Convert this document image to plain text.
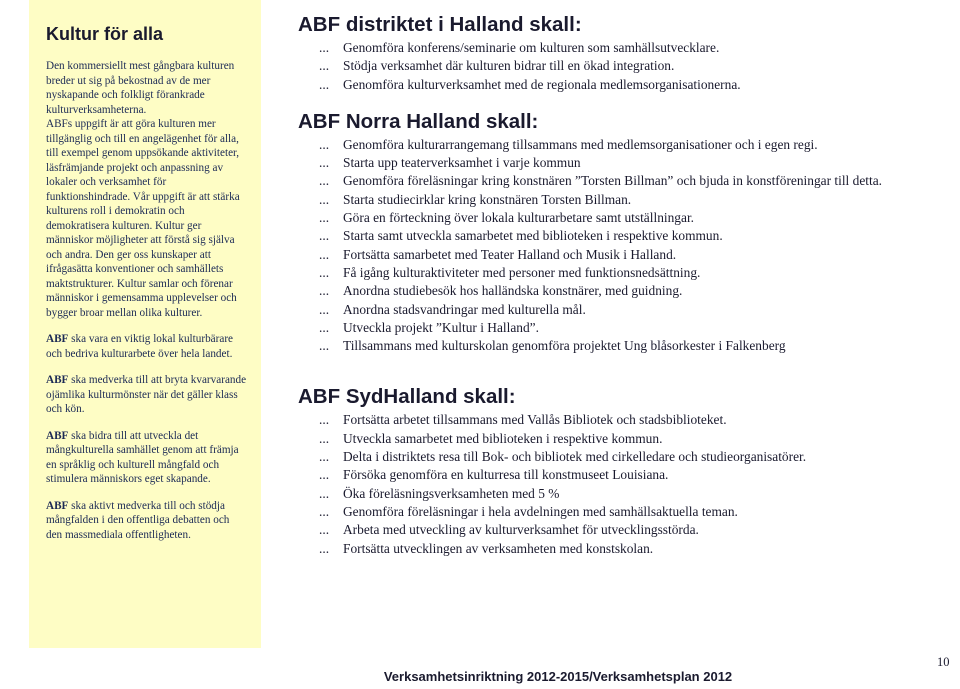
Kultur för alla

Den kommersiellt mest gångbara kulturen breder ut sig på bekostnad av de mer nyskapande och folkligt förankrade kulturverksamheterna.

ABFs uppgift är att göra kulturen mer tillgänglig och till en angelägenhet för alla, till exempel genom uppsökande aktiviteter, läsfrämjande projekt och anpassning av lokaler och verksamhet för funktionshindrade. Vår uppgift är att stärka kulturens roll i demokratin och demokratisera kulturen. Kultur ger människor möjligheter att förstå sig själva och andra. Den ger oss kunskaper att ifrågasätta konventioner och samhällets maktstrukturer. Kultur samlar och förenar människor i gemensamma upplevelser och bygger broar mellan olika kulturer.

ABF ska vara en viktig lokal kulturbärare och bedriva kulturarbete över hela landet.

ABF ska medverka till att bryta kvarvarande ojämlika kulturmönster när det gäller klass och kön.

ABF ska bidra till att utveckla det mångkulturella samhället genom att främja en språklig och kulturell mångfald och stimulera människors eget skapande.

ABF ska aktivt medverka till och stödja mångfalden i den offentliga debatten och den massmediala offentligheten.

ABF distriktet i Halland skall:
... Genomföra konferens/seminarie om kulturen som samhällsutvecklare.
... Stödja verksamhet där kulturen bidrar till en ökad integration.
... Genomföra kulturverksamhet med de regionala medlemsorganisationerna.
ABF Norra Halland skall:
... Genomföra kulturarrangemang tillsammans med medlemsorganisationer och i egen regi.
... Starta upp teaterverksamhet i varje kommun
... Genomföra föreläsningar kring konstnären ”Torsten Billman” och bjuda in konstföreningar till detta.
... Starta studiecirklar kring konstnären Torsten Billman.
... Göra en förteckning över lokala kulturarbetare samt utställningar.
... Starta samt utveckla samarbetet med biblioteken i respektive kommun.
... Fortsätta samarbetet med Teater Halland och Musik i Halland.
... Få igång kulturaktiviteter med personer med funktionsnedsättning.
... Anordna studiebesök hos halländska konstnärer, med guidning.
... Anordna stadsvandringar med kulturella mål.
... Utveckla projekt ”Kultur i Halland”.
... Tillsammans med kulturskolan genomföra projektet Ung blåsorkester i Falkenberg
ABF SydHalland skall:
... Fortsätta arbetet tillsammans med Vallås Bibliotek och stadsbiblioteket.
... Utveckla samarbetet med biblioteken i respektive kommun.
... Delta i distriktets resa till Bok- och bibliotek med cirkelledare och studieorganisatörer.
... Försöka genomföra en kulturresa till konstmuseet Louisiana.
... Öka föreläsningsverksamheten med 5 %
... Genomföra föreläsningar i hela avdelningen med samhällsaktuella teman.
... Arbeta med utveckling av kulturverksamhet för utvecklingsstörda.
... Fortsätta utvecklingen av verksamheten med konstskolan.
Verksamhetsinriktning 2012-2015/Verksamhetsplan 2012
10
